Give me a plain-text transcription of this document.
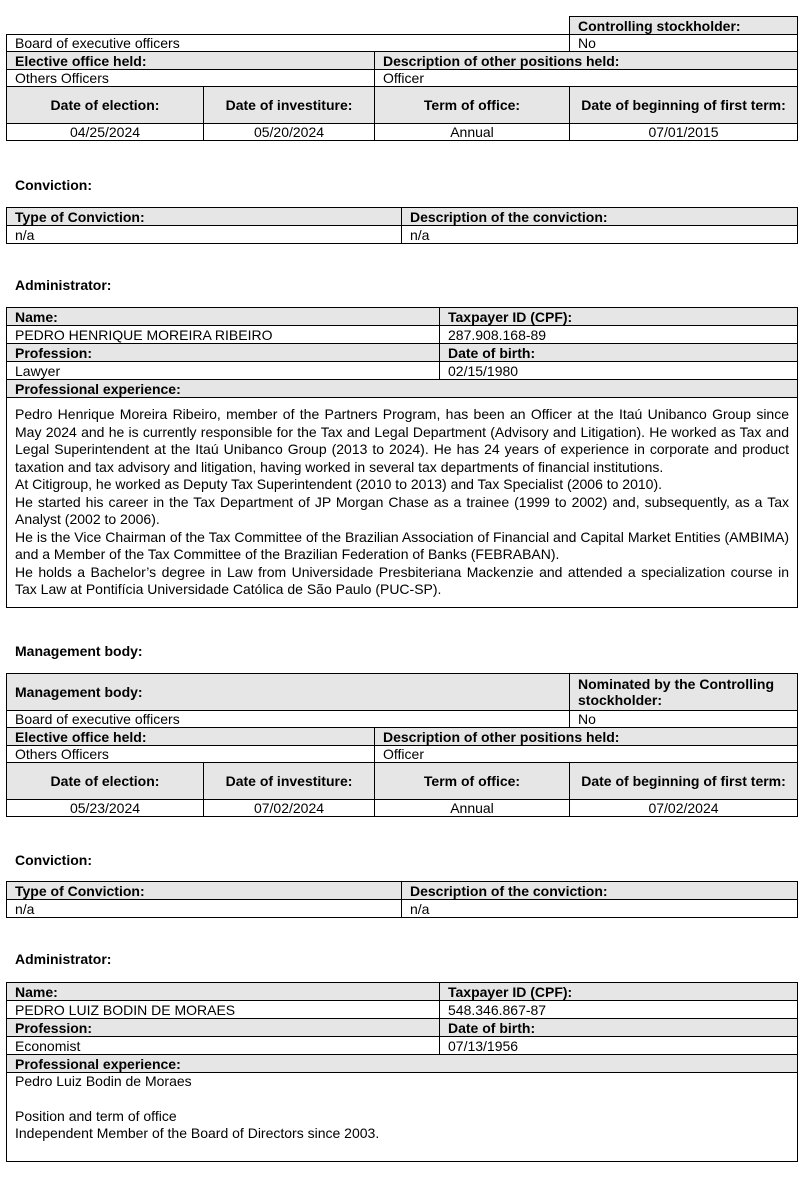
			Controlling stockholder:
Board of executive officers			No
Elective office held:		Description of other positions held:	
Others Officers		Officer	
Date of election:	Date of investiture:	Term of office:	Date of beginning of first term:
04/25/2024	05/20/2024	Annual	07/01/2015
Conviction:
Type of Conviction:	Description of the conviction:
n/a	n/a
Administrator:
Name:	Taxpayer ID (CPF):
PEDRO HENRIQUE MOREIRA RIBEIRO	287.908.168-89
Profession:	Date of birth:
Lawyer	02/15/1980
Professional experience:	

Pedro Henrique Moreira Ribeiro, member of the Partners Program, has been an Officer at the Itaú Unibanco Group since May 2024 and he is currently responsible for the Tax and Legal Department (Advisory and Litigation). He worked as Tax and Legal Superintendent at the Itaú Unibanco Group (2013 to 2024). He has 24 years of experience in corporate and product taxation and tax advisory and litigation, having worked in several tax departments of financial institutions.
At Citigroup, he worked as Deputy Tax Superintendent (2010 to 2013) and Tax Specialist (2006 to 2010).
He started his career in the Tax Department of JP Morgan Chase as a trainee (1999 to 2002) and, subsequently, as a Tax Analyst (2002 to 2006).
He is the Vice Chairman of the Tax Committee of the Brazilian Association of Financial and Capital Market Entities (AMBIMA) and a Member of the Tax Committee of the Brazilian Federation of Banks (FEBRABAN).
He holds a Bachelor’s degree in Law from Universidade Presbiteriana Mackenzie and attended a specialization course in Tax Law at Pontifícia Universidade Católica de São Paulo (PUC-SP).	
Management body:
Management body:			Nominated by the Controlling stockholder:
Board of executive officers			No
Elective office held:		Description of other positions held:	
Others Officers		Officer	
Date of election:	Date of investiture:	Term of office:	Date of beginning of first term:
05/23/2024	07/02/2024	Annual	07/02/2024
Conviction:
Type of Conviction:	Description of the conviction:
n/a	n/a
Administrator:
Name:	Taxpayer ID (CPF):
PEDRO LUIZ BODIN DE MORAES	548.346.867-87
Profession:	Date of birth:
Economist	07/13/1956
Professional experience:	

Pedro Luiz Bodin de Moraes
Position and term of office
Independent Member of the Board of Directors since 2003.	
